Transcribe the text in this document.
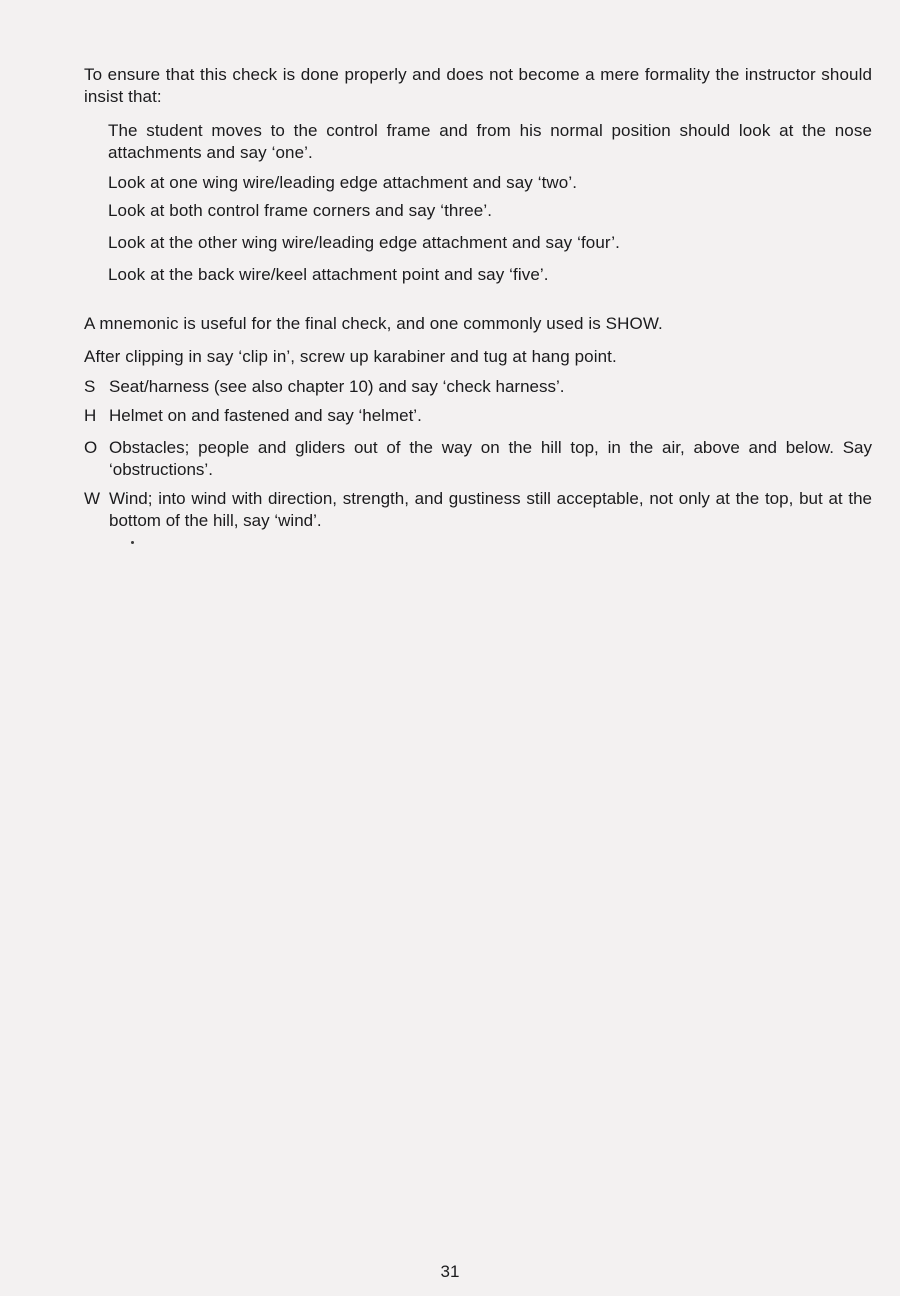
To ensure that this check is done properly and does not become a mere formality the instructor should insist that:

The student moves to the control frame and from his normal position should look at the nose attachments and say ‘one’.

Look at one wing wire/leading edge attachment and say ‘two’.

Look at both control frame corners and say ‘three’.

Look at the other wing wire/leading edge attachment and say ‘four’.

Look at the back wire/keel attachment point and say ‘five’.

A mnemonic is useful for the final check, and one commonly used is SHOW.

After clipping in say ‘clip in’, screw up karabiner and tug at hang point.

S Seat/harness (see also chapter 10) and say ‘check harness’.
H Helmet on and fastened and say ‘helmet’.
O Obstacles; people and gliders out of the way on the hill top, in the air, above and below. Say ‘obstructions’.
W Wind; into wind with direction, strength, and gustiness still acceptable, not only at the top, but at the bottom of the hill, say ‘wind’.
31
